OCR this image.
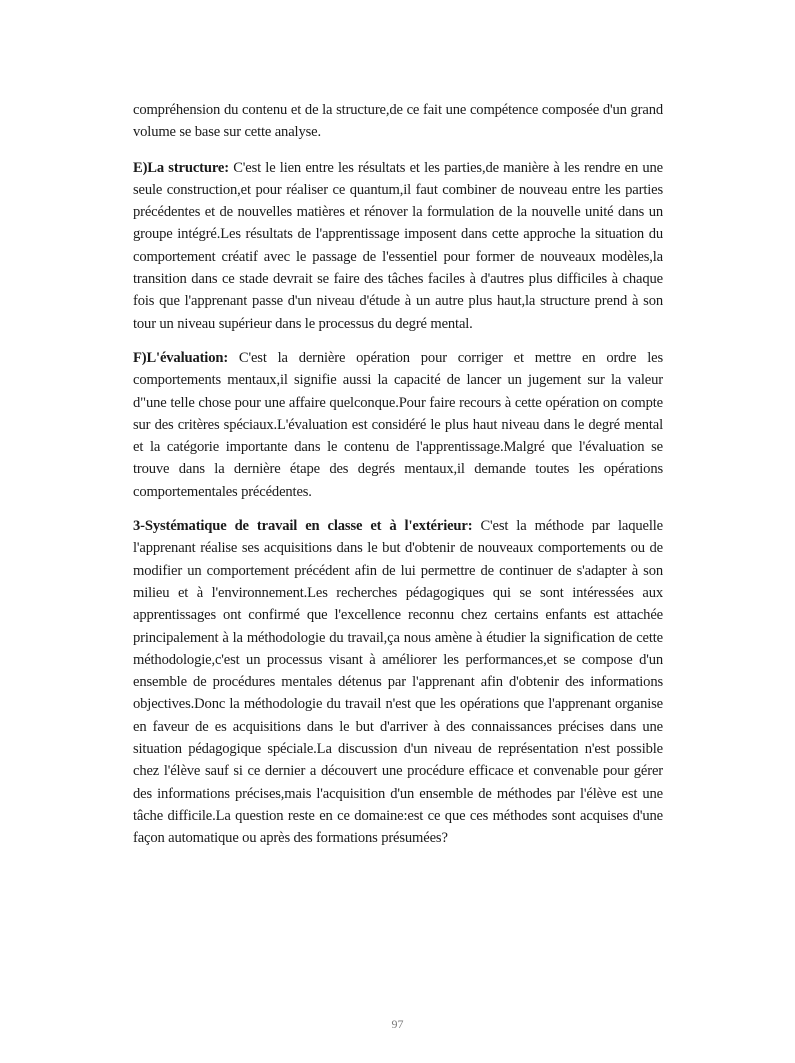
compréhension du contenu et de la structure,de ce fait une compétence composée d'un grand volume se base sur cette analyse.

E)La structure: C'est le lien entre les résultats et les parties,de manière à les rendre en une seule construction,et pour réaliser ce quantum,il faut combiner de nouveau entre les parties précédentes et de nouvelles matières et rénover la formulation de la nouvelle unité dans un groupe intégré.Les résultats de l'apprentissage imposent dans cette approche la situation du comportement créatif avec le passage de l'essentiel pour former de nouveaux modèles,la transition dans ce stade devrait se faire des tâches faciles à d'autres plus difficiles à chaque fois que l'apprenant passe d'un niveau d'étude à un autre plus haut,la structure prend à son tour un niveau supérieur dans le processus du degré mental.

F)L'évaluation: C'est la dernière opération pour corriger et mettre en ordre les comportements mentaux,il signifie aussi la capacité de lancer un jugement sur la valeur d"une telle chose pour une affaire quelconque.Pour faire recours à cette opération on compte sur des critères spéciaux.L'évaluation est considéré le plus haut niveau dans le degré mental et la catégorie importante dans le contenu de l'apprentissage.Malgré que l'évaluation se trouve dans la dernière étape des degrés mentaux,il demande toutes les opérations comportementales précédentes.

3-Systématique de travail en classe et à l'extérieur: C'est la méthode par laquelle l'apprenant réalise ses acquisitions dans le but d'obtenir de nouveaux comportements ou de modifier un comportement précédent afin de lui permettre de continuer de s'adapter à son milieu et à l'environnement.Les recherches pédagogiques qui se sont intéressées aux apprentissages ont confirmé que l'excellence reconnu chez certains enfants est attachée principalement à la méthodologie du travail,ça nous amène à étudier la signification de cette méthodologie,c'est un processus visant à améliorer les performances,et se compose d'un ensemble de procédures mentales détenus par l'apprenant afin d'obtenir des informations objectives.Donc la méthodologie du travail n'est que les opérations que l'apprenant organise en faveur de es acquisitions dans le but d'arriver à des connaissances précises dans une situation pédagogique spéciale.La discussion d'un niveau de représentation n'est possible chez l'élève sauf si ce dernier a découvert une procédure efficace et convenable pour gérer des informations précises,mais l'acquisition d'un ensemble de méthodes par l'élève est une tâche difficile.La question reste en ce domaine:est ce que ces méthodes sont acquises d'une façon automatique ou après des formations présumées?

97
